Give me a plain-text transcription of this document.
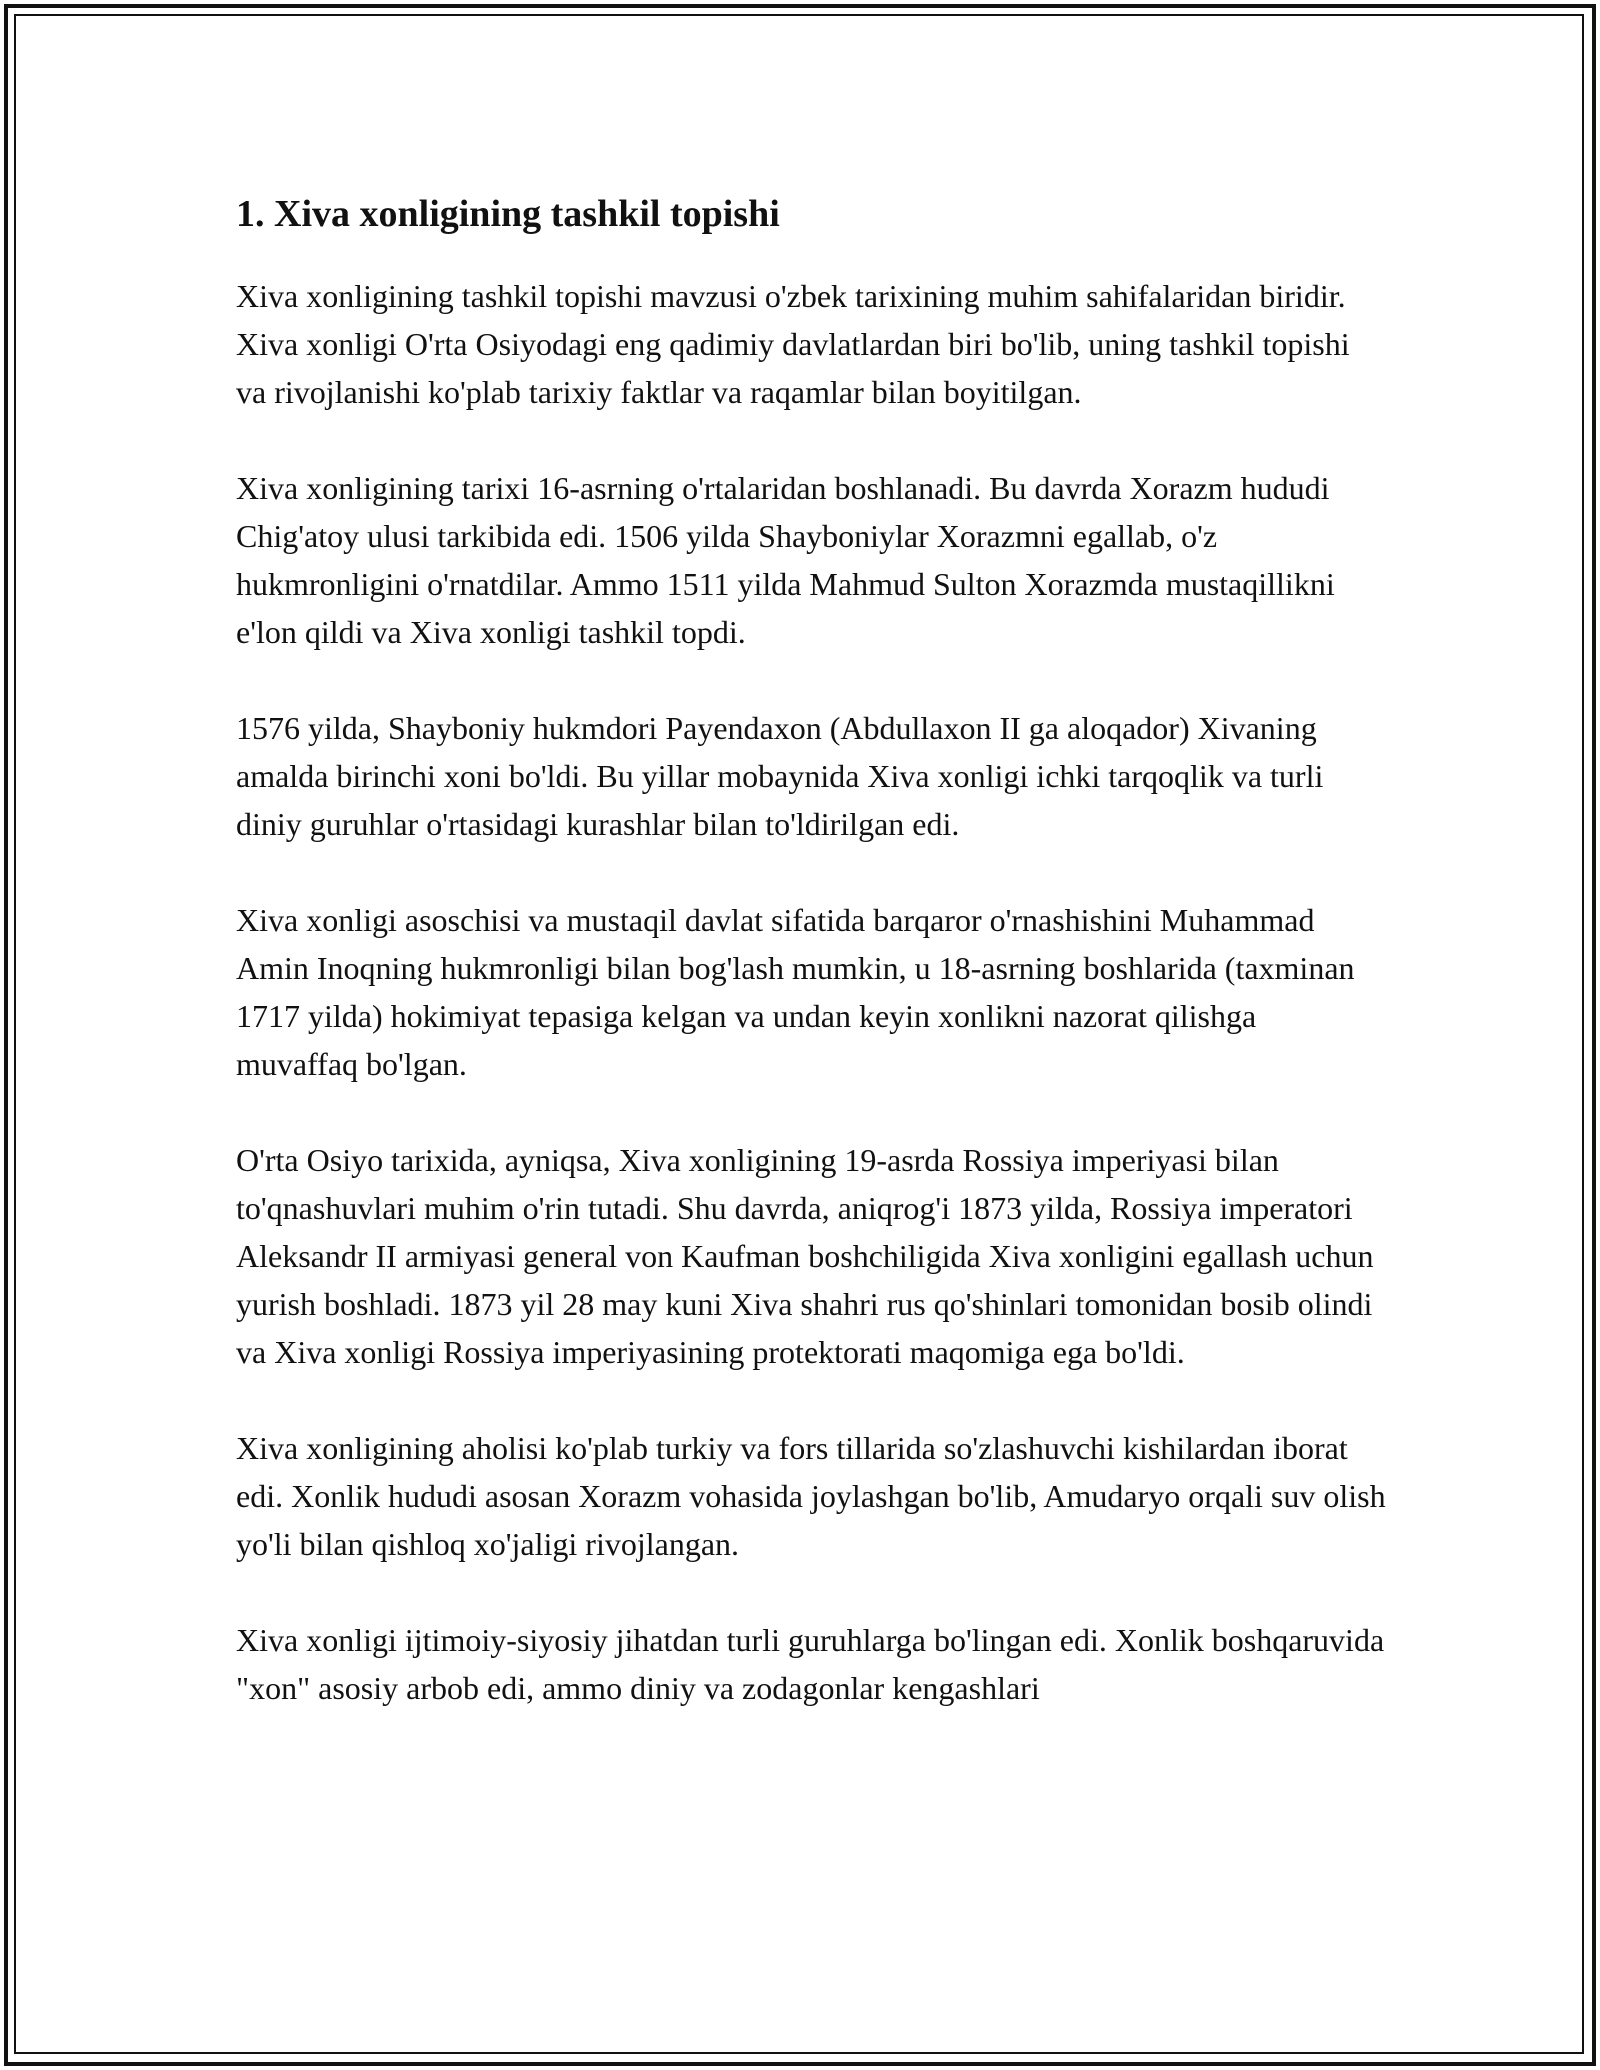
1. Xiva xonligining tashkil topishi

Xiva xonligining tashkil topishi mavzusi o'zbek tarixining muhim sahifalaridan biridir. Xiva xonligi O'rta Osiyodagi eng qadimiy davlatlardan biri bo'lib, uning tashkil topishi va rivojlanishi ko'plab tarixiy faktlar va raqamlar bilan boyitilgan.

Xiva xonligining tarixi 16-asrning o'rtalaridan boshlanadi. Bu davrda Xorazm hududi Chig'atoy ulusi tarkibida edi. 1506 yilda Shayboniylar Xorazmni egallab, o'z hukmronligini o'rnatdilar. Ammo 1511 yilda Mahmud Sulton Xorazmda mustaqillikni e'lon qildi va Xiva xonligi tashkil topdi.

1576 yilda, Shayboniy hukmdori Payendaxon (Abdullaxon II ga aloqador) Xivaning amalda birinchi xoni bo'ldi. Bu yillar mobaynida Xiva xonligi ichki tarqoqlik va turli diniy guruhlar o'rtasidagi kurashlar bilan to'ldirilgan edi.

Xiva xonligi asoschisi va mustaqil davlat sifatida barqaror o'rnashishini Muhammad Amin Inoqning hukmronligi bilan bog'lash mumkin, u 18-asrning boshlarida (taxminan 1717 yilda) hokimiyat tepasiga kelgan va undan keyin xonlikni nazorat qilishga muvaffaq bo'lgan.

O'rta Osiyo tarixida, ayniqsa, Xiva xonligining 19-asrda Rossiya imperiyasi bilan to'qnashuvlari muhim o'rin tutadi. Shu davrda, aniqrog'i 1873 yilda, Rossiya imperatori Aleksandr II armiyasi general von Kaufman boshchiligida Xiva xonligini egallash uchun yurish boshladi. 1873 yil 28 may kuni Xiva shahri rus qo'shinlari tomonidan bosib olindi va Xiva xonligi Rossiya imperiyasining protektorati maqomiga ega bo'ldi.

Xiva xonligining aholisi ko'plab turkiy va fors tillarida so'zlashuvchi kishilardan iborat edi. Xonlik hududi asosan Xorazm vohasida joylashgan bo'lib, Amudaryo orqali suv olish yo'li bilan qishloq xo'jaligi rivojlangan.

Xiva xonligi ijtimoiy-siyosiy jihatdan turli guruhlarga bo'lingan edi. Xonlik boshqaruvida "xon" asosiy arbob edi, ammo diniy va zodagonlar kengashlari
